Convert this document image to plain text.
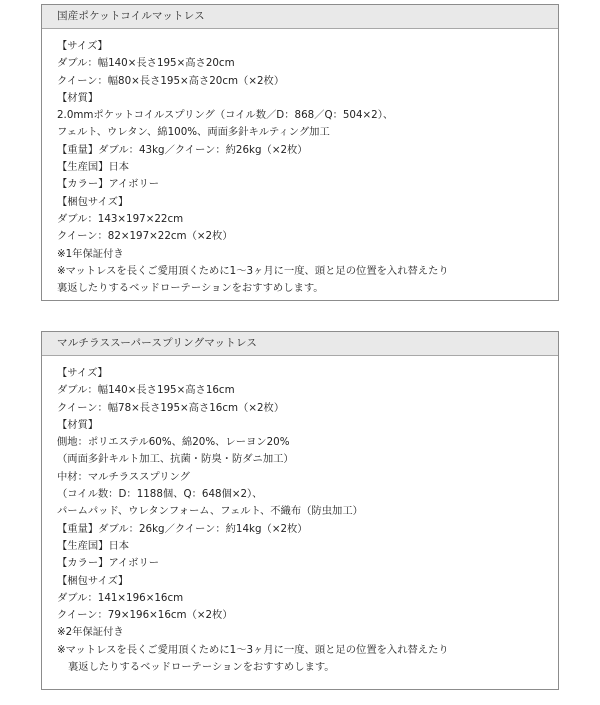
国産ポケットコイルマットレス
【サイズ】
ダブル：幅140×長さ195×高さ20cm
クイーン：幅80×長さ195×高さ20cm（×2枚）
【材質】
2.0mmポケットコイルスプリング（コイル数／D：868／Q：504×2）、
フェルト、ウレタン、綿100%、両面多針キルティング加工
【重量】ダブル：43kg／クイーン：約26kg（×2枚）
【生産国】日本
【カラー】アイボリー
【梱包サイズ】
ダブル：143×197×22cm
クイーン：82×197×22cm（×2枚）
※1年保証付き
※マットレスを長くご愛用頂くために1〜3ヶ月に一度、頭と足の位置を入れ替えたり
裏返したりするベッドローテーションをおすすめします。
マルチラススーパースプリングマットレス
【サイズ】
ダブル：幅140×長さ195×高さ16cm
クイーン：幅78×長さ195×高さ16cm（×2枚）
【材質】
側地：ポリエステル60%、綿20%、レーヨン20%
（両面多針キルト加工、抗菌・防臭・防ダニ加工）
中材：マルチラススプリング
（コイル数：D：1188個、Q：648個×2）、
パームパッド、ウレタンフォーム、フェルト、不織布（防虫加工）
【重量】ダブル：26kg／クイーン：約14kg（×2枚）
【生産国】日本
【カラー】アイボリー
【梱包サイズ】
ダブル：141×196×16cm
クイーン：79×196×16cm（×2枚）
※2年保証付き
※マットレスを長くご愛用頂くために1〜3ヶ月に一度、頭と足の位置を入れ替えたり
裏返したりするベッドローテーションをおすすめします。
